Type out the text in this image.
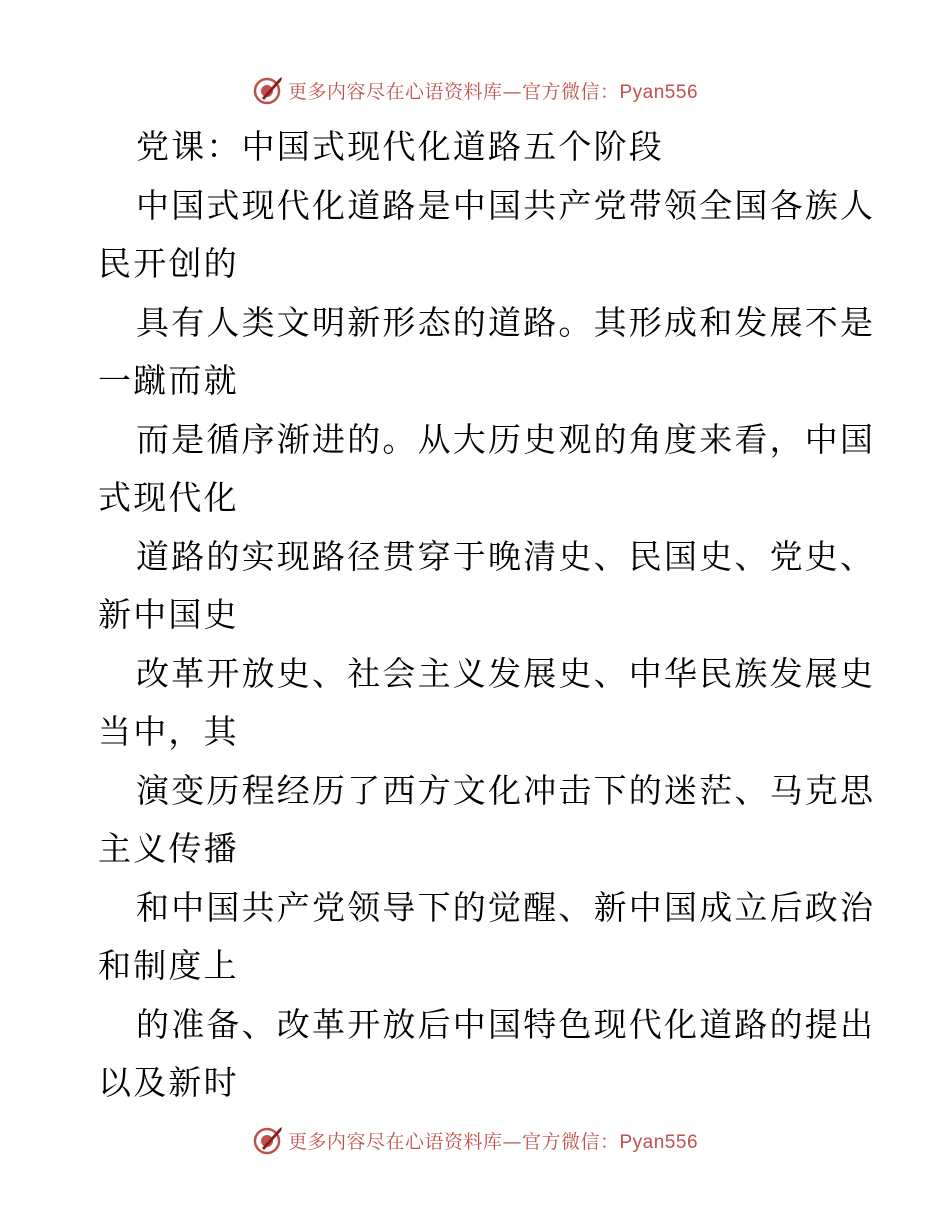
更多内容尽在心语资料库—官方微信：Pyan556
党课：中国式现代化道路五个阶段
中国式现代化道路是中国共产党带领全国各族人
民开创的
具有人类文明新形态的道路。其形成和发展不是
一蹴而就
而是循序渐进的。从大历史观的角度来看，中国
式现代化
道路的实现路径贯穿于晚清史、民国史、党史、
新中国史
改革开放史、社会主义发展史、中华民族发展史
当中，其
演变历程经历了西方文化冲击下的迷茫、马克思
主义传播
和中国共产党领导下的觉醒、新中国成立后政治
和制度上
的准备、改革开放后中国特色现代化道路的提出
以及新时
更多内容尽在心语资料库—官方微信：Pyan556
